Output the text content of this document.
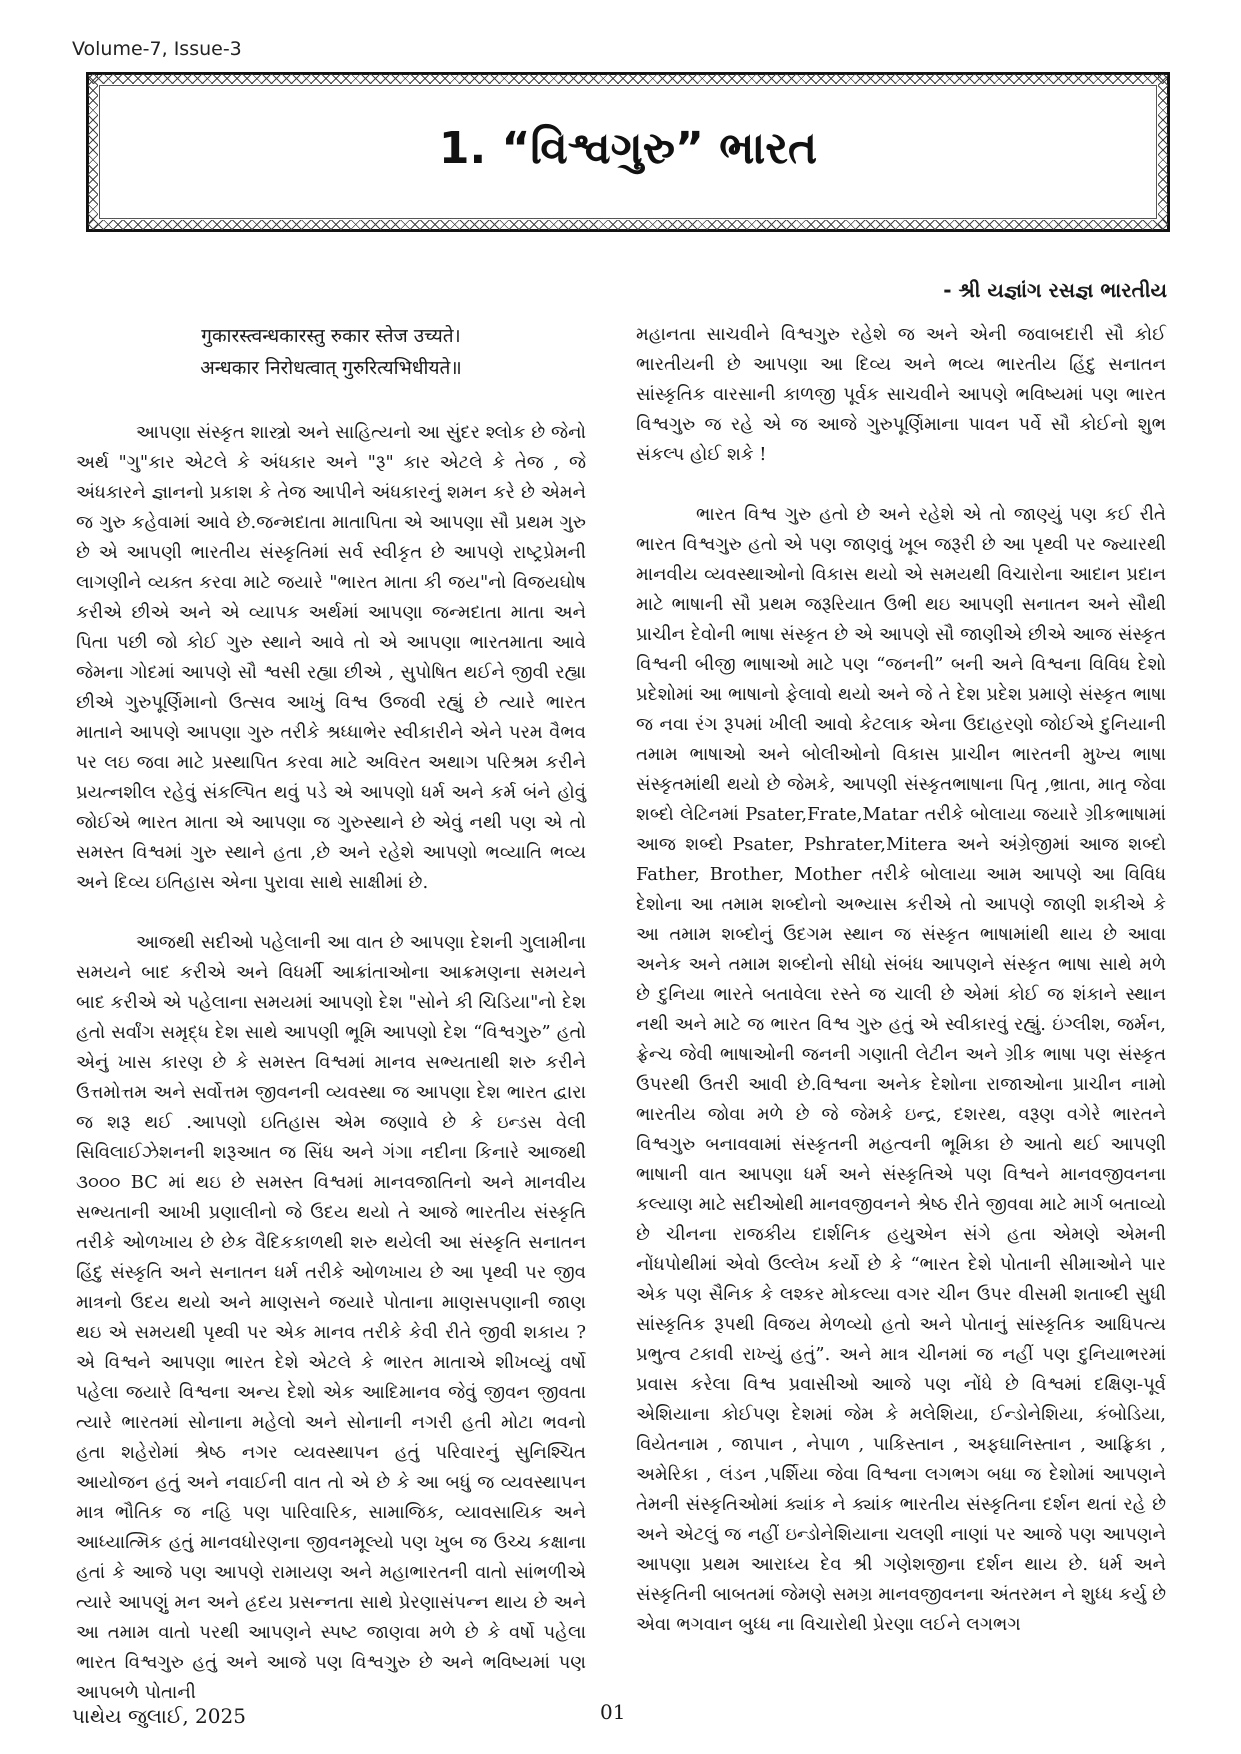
Volume-7, Issue-3
1. “વિશ્વગુરુ” ભારત
- શ્રી યજ્ઞાંગ રસજ્ઞ ભારતીય

गुकारस्त्वन्धकारस्तु रुकार स्तेज उच्यते।
अन्धकार निरोधत्वात् गुरुरित्यभिधीयते॥

આપણા સંસ્કૃત શાસ્ત્રો અને સાહિત્યનો આ સુંદર શ્લોક છે જેનો અર્થ "ગુ"કાર એટલે કે અંધકાર અને "રૂ" કાર એટલે કે તેજ , જે અંધકારને જ્ઞાનનો પ્રકાશ કે તેજ આપીને અંધકારનું શમન કરે છે એમને જ ગુરુ કહેવામાં આવે છે.જન્મદાતા માતાપિતા એ આપણા સૌ પ્રથમ ગુરુ છે એ આપણી ભારતીય સંસ્કૃતિમાં સર્વ સ્વીકૃત છે આપણે રાષ્ટ્રપ્રેમની લાગણીને વ્યક્ત કરવા માટે જયારે "ભારત માતા કી જય"નો વિજયઘોષ કરીએ છીએ અને એ વ્યાપક અર્થમાં આપણા જન્મદાતા માતા અને પિતા પછી જો કોઈ ગુરુ સ્થાને આવે તો એ આપણા ભારતમાતા આવે જેમના ગોદમાં આપણે સૌ શ્વસી રહ્યા છીએ , સુપોષિત થઈને જીવી રહ્યા છીએ ગુરુપૂર્ણિમાનો ઉત્સવ આખું વિશ્વ ઉજવી રહ્યું છે ત્યારે ભારત માતાને આપણે આપણા ગુરુ તરીકે શ્રધ્ધાભેર સ્વીકારીને એને પરમ વૈભવ પર લઇ જવા માટે પ્રસ્થાપિત કરવા માટે અવિરત અથાગ પરિશ્રમ કરીને પ્રયત્નશીલ રહેવું સંકલ્પિત થવું પડે એ આપણો ધર્મ અને કર્મ બંને હોવું જોઈએ ભારત માતા એ આપણા જ ગુરુસ્થાને છે એવું નથી પણ એ તો સમસ્ત વિશ્વમાં ગુરુ સ્થાને હતા ,છે અને રહેશે આપણો ભવ્યાતિ ભવ્ય અને દિવ્ય ઇતિહાસ એના પુરાવા સાથે સાક્ષીમાં છે.

આજથી સદીઓ પહેલાની આ વાત છે આપણા દેશની ગુલામીના સમયને બાદ કરીએ અને વિધર્મી આક્રાંતાઓના આક્રમણના સમયને બાદ કરીએ એ પહેલાના સમયમાં આપણો દેશ "સોને કી ચિડિયા"નો દેશ હતો સર્વાંગ સમૃદ્ધ દેશ સાથે આપણી ભૂમિ આપણો દેશ “વિશ્વગુરુ” હતો એનું ખાસ કારણ છે કે સમસ્ત વિશ્વમાં માનવ સભ્યતાથી શરુ કરીને ઉત્તમોત્તમ અને સર્વોત્તમ જીવનની વ્યવસ્થા જ આપણા દેશ ભારત દ્વારા જ શરૂ થઈ .આપણો ઇતિહાસ એમ જણાવે છે કે ઇન્ડસ વેલી સિવિલાઈઝેશનની શરૂઆત જ સિંધ અને ગંગા નદીના કિનારે આજથી ૩૦૦૦ BC માં થઇ છે સમસ્ત વિશ્વમાં માનવજાતિનો અને માનવીય સભ્યતાની આખી પ્રણાલીનો જે ઉદય થયો તે આજે ભારતીય સંસ્કૃતિ તરીકે ઓળખાય છે છેક વૈદિકકાળથી શરુ થયેલી આ સંસ્કૃતિ સનાતન હિંદુ સંસ્કૃતિ અને સનાતન ધર્મ તરીકે ઓળખાય છે આ પૃથ્વી પર જીવ માત્રનો ઉદય થયો અને માણસને જયારે પોતાના માણસપણાની જાણ થઇ એ સમયથી પૃથ્વી પર એક માનવ તરીકે કેવી રીતે જીવી શકાય ? એ વિશ્વને આપણા ભારત દેશે એટલે કે ભારત માતાએ શીખવ્યું વર્ષો પહેલા જયારે વિશ્વના અન્ય દેશો એક આદિમાનવ જેવું જીવન જીવતા ત્યારે ભારતમાં સોનાના મહેલો અને સોનાની નગરી હતી મોટા ભવનો હતા શહેરોમાં શ્રેષ્ઠ નગર વ્યવસ્થાપન હતું પરિવારનું સુનિશ્ચિત આયોજન હતું અને નવાઈની વાત તો એ છે કે આ બધું જ વ્યવસ્થાપન માત્ર ભૌતિક જ નહિ પણ પારિવારિક, સામાજિક, વ્યાવસાયિક અને આધ્યાત્મિક હતું માનવધોરણના જીવનમૂલ્યો પણ ખુબ જ ઉચ્ચ કક્ષાના હતાં કે આજે પણ આપણે રામાયણ અને મહાભારતની વાતો સાંભળીએ ત્યારે આપણું મન અને હ્રદય પ્રસન્નતા સાથે પ્રેરણાસંપન્ન થાય છે અને આ તમામ વાતો પરથી આપણને સ્પષ્ટ જાણવા મળે છે કે વર્ષો પહેલા ભારત વિશ્વગુરુ હતું અને આજે પણ વિશ્વગુરુ છે અને ભવિષ્યમાં પણ આપબળે પોતાની

મહાનતા સાચવીને વિશ્વગુરુ રહેશે જ અને એની જવાબદારી સૌ કોઈ ભારતીયની છે આપણા આ દિવ્ય અને ભવ્ય ભારતીય હિંદુ સનાતન સાંસ્કૃતિક વારસાની કાળજી પૂર્વક સાચવીને આપણે ભવિષ્યમાં પણ ભારત વિશ્વગુરુ જ રહે એ જ આજે ગુરુપૂર્ણિમાના પાવન પર્વે સૌ કોઈનો શુભ સંકલ્પ હોઈ શકે !

ભારત વિશ્વ ગુરુ હતો છે અને રહેશે એ તો જાણ્યું પણ કઈ રીતે ભારત વિશ્વગુરુ હતો એ પણ જાણવું ખૂબ જરૂરી છે આ પૃથ્વી પર જ્યારથી માનવીય વ્યવસ્થાઓનો વિકાસ થયો એ સમયથી વિચારોના આદાન પ્રદાન માટે ભાષાની સૌ પ્રથમ જરૂરિયાત ઉભી થઇ આપણી સનાતન અને સૌથી પ્રાચીન દેવોની ભાષા સંસ્કૃત છે એ આપણે સૌ જાણીએ છીએ આજ સંસ્કૃત વિશ્વની બીજી ભાષાઓ માટે પણ “જનની” બની અને વિશ્વના વિવિધ દેશો પ્રદેશોમાં આ ભાષાનો ફેલાવો થયો અને જે તે દેશ પ્રદેશ પ્રમાણે સંસ્કૃત ભાષા જ નવા રંગ રૂપમાં ખીલી આવો કેટલાક એના ઉદાહરણો જોઈએ દુનિયાની તમામ ભાષાઓ અને બોલીઓનો વિકાસ પ્રાચીન ભારતની મુખ્ય ભાષા સંસ્કૃતમાંથી થયો છે જેમકે, આપણી સંસ્કૃતભાષાના પિતૃ ,ભ્રાતા, માતૃ જેવા શબ્દો લેટિનમાં Psater,Frate,Matar તરીકે બોલાયા જયારે ગ્રીકભાષામાં આજ શબ્દો Psater, Pshrater,Mitera અને અંગ્રેજીમાં આજ શબ્દો Father, Brother, Mother તરીકે બોલાયા આમ આપણે આ વિવિધ દેશોના આ તમામ શબ્દોનો અભ્યાસ કરીએ તો આપણે જાણી શકીએ કે આ તમામ શબ્દોનું ઉદગમ સ્થાન જ સંસ્કૃત ભાષામાંથી થાય છે આવા અનેક અને તમામ શબ્દોનો સીધો સંબંધ આપણને સંસ્કૃત ભાષા સાથે મળે છે દુનિયા ભારતે બતાવેલા રસ્તે જ ચાલી છે એમાં કોઈ જ શંકાને સ્થાન નથી અને માટે જ ભારત વિશ્વ ગુરુ હતું એ સ્વીકારવું રહ્યું. ઇંગ્લીશ, જર્મન, ફ્રેન્ચ જેવી ભાષાઓની જનની ગણાતી લેટીન અને ગ્રીક ભાષા પણ સંસ્કૃત ઉપરથી ઉતરી આવી છે.વિશ્વના અનેક દેશોના રાજાઓના પ્રાચીન નામો ભારતીય જોવા મળે છે જે જેમકે ઇન્દ્ર, દશરથ, વરૂણ વગેરે ભારતને વિશ્વગુરુ બનાવવામાં સંસ્કૃતની મહત્વની ભૂમિકા છે આતો થઈ આપણી ભાષાની વાત આપણા ધર્મ અને સંસ્કૃતિએ પણ વિશ્વને માનવજીવનના કલ્યાણ માટે સદીઓથી માનવજીવનને શ્રેષ્ઠ રીતે જીવવા માટે માર્ગ બતાવ્યો છે ચીનના રાજકીય દાર્શનિક હયુએન સંગે હતા એમણે એમની નોંધપોથીમાં એવો ઉલ્લેખ કર્યો છે કે “ભારત દેશે પોતાની સીમાઓને પાર એક પણ સૈનિક કે લશ્કર મોકલ્યા વગર ચીન ઉપર વીસમી શતાબ્દી સુધી સાંસ્કૃતિક રૂપથી વિજય મેળવ્યો હતો અને પોતાનું સાંસ્કૃતિક આધિપત્ય પ્રભુત્વ ટકાવી રાખ્યું હતું”. અને માત્ર ચીનમાં જ નહીં પણ દુનિયાભરમાં પ્રવાસ કરેલા વિશ્વ પ્રવાસીઓ આજે પણ નોંધે છે વિશ્વમાં દક્ષિણ-પૂર્વ એશિયાના કોઈપણ દેશમાં જેમ કે મલેશિયા, ઈન્ડોનેશિયા, કંબોડિયા, વિયેતનામ , જાપાન , નેપાળ , પાકિસ્તાન , અફઘાનિસ્તાન , આફ્રિકા , અમેરિકા , લંડન ,પર્શિયા જેવા વિશ્વના લગભગ બધા જ દેશોમાં આપણને તેમની સંસ્કૃતિઓમાં ક્યાંક ને ક્યાંક ભારતીય સંસ્કૃતિના દર્શન થતાં રહે છે અને એટલું જ નહીં ઇન્ડોનેશિયાના ચલણી નાણાં પર આજે પણ આપણને આપણા પ્રથમ આરાધ્ય દેવ શ્રી ગણેશજીના દર્શન થાય છે. ધર્મ અને સંસ્કૃતિની બાબતમાં જેમણે સમગ્ર માનવજીવનના અંતરમન ને શુધ્ધ કર્યુ છે એવા ભગવાન બુધ્ધ ના વિચારોથી પ્રેરણા લઈને લગભગ

પાથેય જુલાઈ, 2025	01
